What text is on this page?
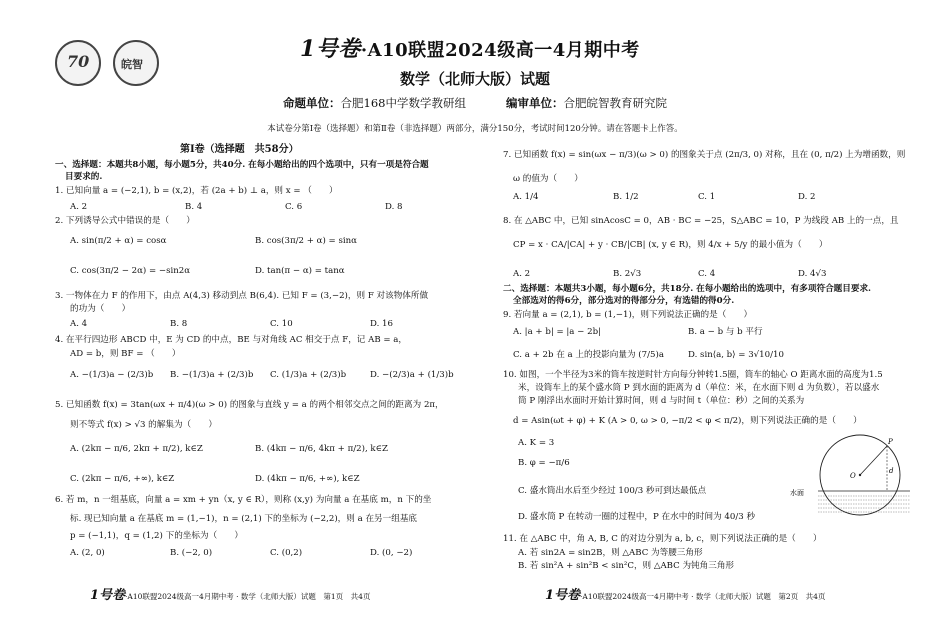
70	皖智
1号卷·A10联盟2024级高一4月期中考
数学（北师大版）试题
命题单位：合肥168中学数学教研组	编审单位：合肥皖智教育研究院
本试卷分第Ⅰ卷（选择题）和第Ⅱ卷（非选择题）两部分，满分150分，考试时间120分钟。请在答题卡上作答。
第Ⅰ卷（选择题　共58分）
一、选择题：本题共8小题，每小题5分，共40分. 在每小题给出的四个选项中，只有一项是符合题
目要求的.
1. 已知向量 a = (−2,1), b = (x,2)，若 (2a + b) ⊥ a，则 x = （　　）
A. 2	B. 4	C. 6	D. 8
2. 下列诱导公式中错误的是（　　）
A. sin(π/2 + α) = cosα	B. cos(3π/2 + α) = sinα
C. cos(3π/2 − 2α) = −sin2α	D. tan(π − α) = tanα
3. 一物体在力 F 的作用下，由点 A(4,3) 移动到点 B(6,4). 已知 F = (3,−2)，则 F 对该物体所做
的功为（　　）
A. 4	B. 8	C. 10	D. 16
4. 在平行四边形 ABCD 中，E 为 CD 的中点，BE 与对角线 AC 相交于点 F，记 AB = a，
AD = b，则 BF = （　　）
A. −(1/3)a − (2/3)b B. −(1/3)a + (2/3)b C. (1/3)a + (2/3)b	D. −(2/3)a + (1/3)b
5. 已知函数 f(x) = 3tan(ωx + π/4)(ω > 0) 的图象与直线 y = a 的两个相邻交点之间的距离为 2π，
则不等式 f(x) > √3 的解集为（　　）
A. (2kπ − π/6, 2kπ + π/2), k∈Z	B. (4kπ − π/6, 4kπ + π/2), k∈Z
C. (2kπ − π/6, +∞), k∈Z	D. (4kπ − π/6, +∞), k∈Z
6. 若 m，n 一组基底，向量 a = xm + yn（x, y ∈ R），则称 (x,y) 为向量 a 在基底 m，n 下的坐
标. 现已知向量 a 在基底 m = (1,−1)，n = (2,1) 下的坐标为 (−2,2)，则 a 在另一组基底
p = (−1,1)，q = (1,2) 下的坐标为（　　）
A. (2, 0)	B. (−2, 0)	C. (0,2)	D. (0, −2)
1号卷·A10联盟2024级高一4月期中考 · 数学（北师大版）试题　第1页　共4页
7. 已知函数 f(x) = sin(ωx − π/3)(ω > 0) 的图象关于点 (2π/3, 0) 对称，且在 (0, π/2) 上为增函数，则
ω 的值为（　　）
A. 1/4	B. 1/2	C. 1	D. 2
8. 在 △ABC 中，已知 sinAcosC = 0，AB · BC = −25，S△ABC = 10，P 为线段 AB 上的一点，且
CP = x · CA/|CA| + y · CB/|CB| (x, y ∈ R)，则 4/x + 5/y 的最小值为（　　）
A. 2	B. 2√3	C. 4	D. 4√3
二、选择题：本题共3小题，每小题6分，共18分. 在每小题给出的选项中，有多项符合题目要求.
全部选对的得6分，部分选对的得部分分，有选错的得0分.
9. 若向量 a = (2,1), b = (1,−1)，则下列说法正确的是（　　）
A. |a + b| = |a − 2b|	B. a − b 与 b 平行
C. a + 2b 在 a 上的投影向量为 (7/5)a	D. sin⟨a, b⟩ = 3√10/10
10. 如图，一个半径为3米的筒车按逆时针方向每分钟转1.5圈，筒车的轴心 O 距离水面的高度为1.5
米，设筒车上的某个盛水筒 P 到水面的距离为 d（单位：米，在水面下则 d 为负数），若以盛水
筒 P 刚浮出水面时开始计算时间，则 d 与时间 t（单位：秒）之间的关系为
d = Asin(ωt + φ) + K (A > 0, ω > 0, −π/2 < φ < π/2)，则下列说法正确的是（　　）
A. K = 3
B. φ = −π/6
C. 盛水筒出水后至少经过 100/3 秒可到达最低点
D. 盛水筒 P 在转动一圈的过程中，P 在水中的时间为 40/3 秒
11. 在 △ABC 中，角 A, B, C 的对边分别为 a, b, c，则下列说法正确的是（　　）
A. 若 sin2A = sin2B，则 △ABC 为等腰三角形
B. 若 sin²A + sin²B < sin²C，则 △ABC 为钝角三角形
水面
O
P
d
1号卷·A10联盟2024级高一4月期中考 · 数学（北师大版）试题　第2页　共4页
